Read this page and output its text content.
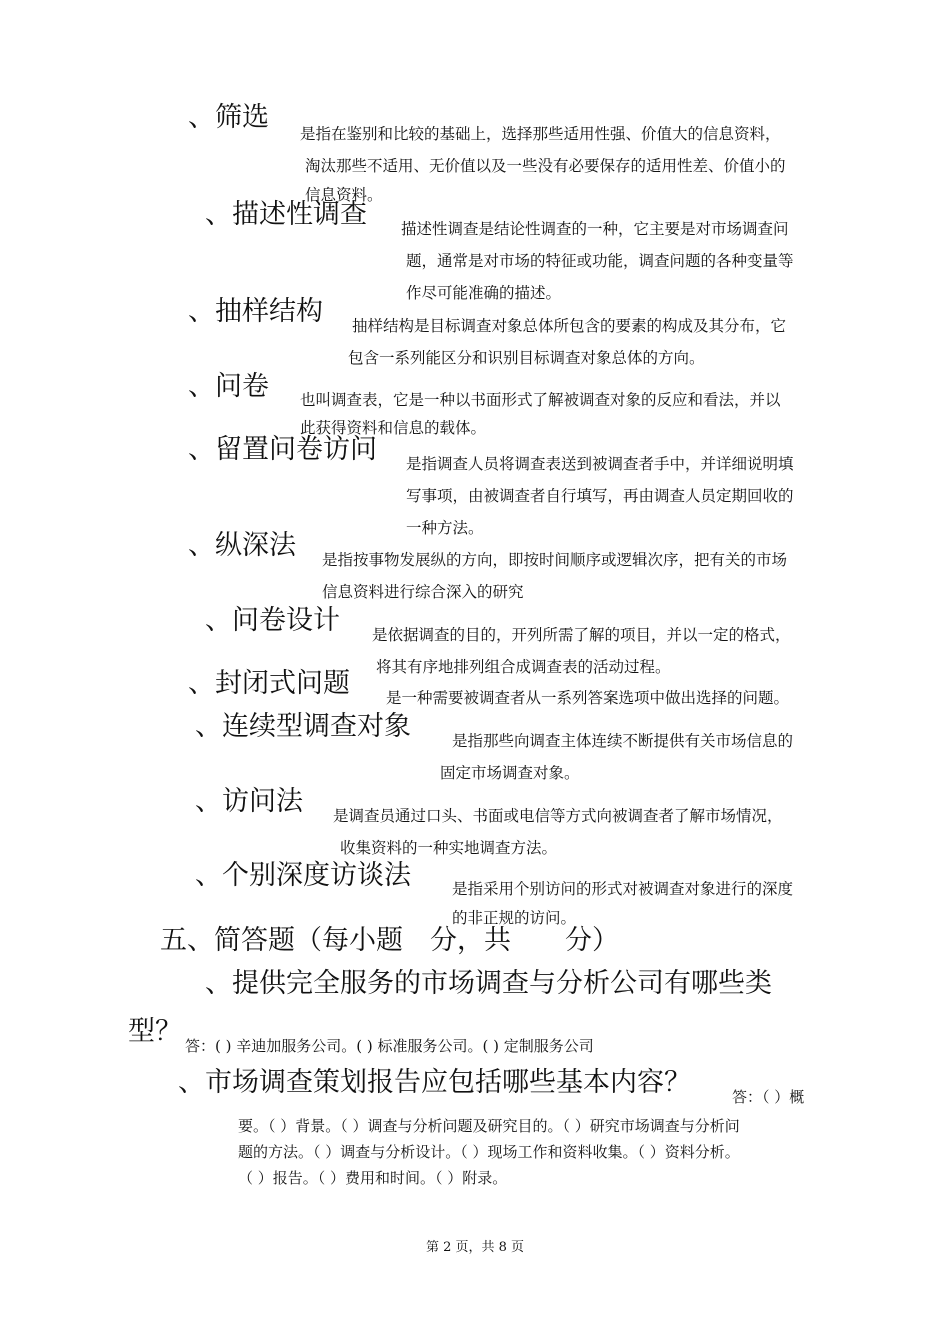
、筛选
是指在鉴别和比较的基础上，选择那些适用性强、价值大的信息资料，
淘汰那些不适用、无价值以及一些没有必要保存的适用性差、价值小的
信息资料。
、描述性调查 描述性调查是结论性调查的一种，它主要是对市场调查问
题，通常是对市场的特征或功能，调查问题的各种变量等
作尽可能准确的描述。
、抽样结构 抽样结构是目标调查对象总体所包含的要素的构成及其分布，它
包含一系列能区分和识别目标调查对象总体的方向。
、问卷 也叫调查表，它是一种以书面形式了解被调查对象的反应和看法，并以
此获得资料和信息的载体。
、留置问卷访问 是指调查人员将调查表送到被调查者手中，并详细说明填
写事项，由被调查者自行填写，再由调查人员定期回收的
一种方法。
、纵深法 是指按事物发展纵的方向，即按时间顺序或逻辑次序，把有关的市场
信息资料进行综合深入的研究
、问卷设计 是依据调查的目的，开列所需了解的项目，并以一定的格式，
将其有序地排列组合成调查表的活动过程。
、封闭式问题 是一种需要被调查者从一系列答案选项中做出选择的问题。
、连续型调查对象	是指那些向调查主体连续不断提供有关市场信息的
固定市场调查对象。
、访问法 是调查员通过口头、书面或电信等方式向被调查者了解市场情况，
收集资料的一种实地调查方法。
、个别深度访谈法	是指采用个别访问的形式对被调查对象进行的深度
的非正规的访问。
五、简答题（每小题　分，共　　分）
、提供完全服务的市场调查与分析公司有哪些类
型？ 答：( ) 辛迪加服务公司。( ) 标准服务公司。( ) 定制服务公司
、市场调查策划报告应包括哪些基本内容？	答：（ ）概
要。（ ）背景。（ ）调查与分析问题及研究目的。（ ）研究市场调查与分析问
题的方法。（ ）调查与分析设计。（ ）现场工作和资料收集。（ ）资料分析。
（ ）报告。（ ）费用和时间。（ ）附录。
第 2 页，共 8 页
